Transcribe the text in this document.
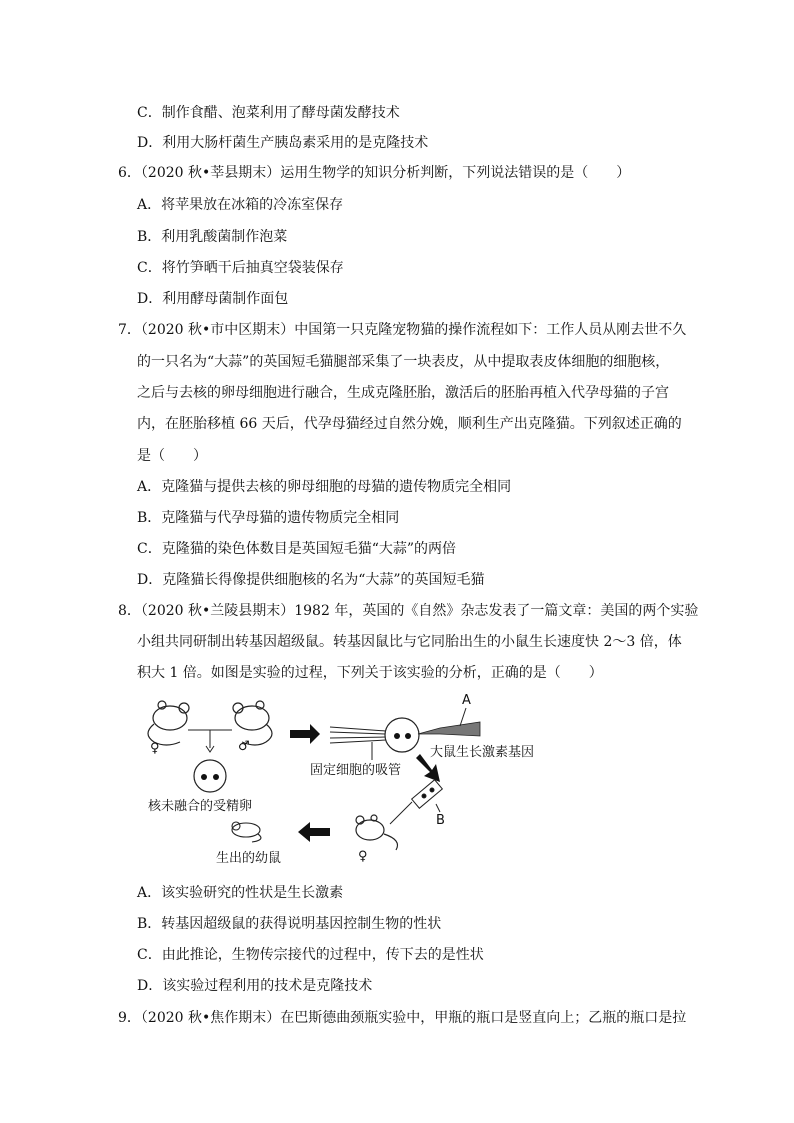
C．制作食醋、泡菜利用了酵母菌发酵技术
D．利用大肠杆菌生产胰岛素采用的是克隆技术
6．（2020 秋•莘县期末）运用生物学的知识分析判断，下列说法错误的是（　　）
A．将苹果放在冰箱的冷冻室保存
B．利用乳酸菌制作泡菜
C．将竹笋晒干后抽真空袋装保存
D．利用酵母菌制作面包
7．（2020 秋•市中区期末）中国第一只克隆宠物猫的操作流程如下：工作人员从刚去世不久
的一只名为“大蒜”的英国短毛猫腿部采集了一块表皮，从中提取表皮体细胞的细胞核，
之后与去核的卵母细胞进行融合，生成克隆胚胎，激活后的胚胎再植入代孕母猫的子宫
内，在胚胎移植 66 天后，代孕母猫经过自然分娩，顺利生产出克隆猫。下列叙述正确的
是（　　）
A．克隆猫与提供去核的卵母细胞的母猫的遗传物质完全相同
B．克隆猫与代孕母猫的遗传物质完全相同
C．克隆猫的染色体数目是英国短毛猫“大蒜”的两倍
D．克隆猫长得像提供细胞核的名为“大蒜”的英国短毛猫
8．（2020 秋•兰陵县期末）1982 年，英国的《自然》杂志发表了一篇文章：美国的两个实验
小组共同研制出转基因超级鼠。转基因鼠比与它同胎出生的小鼠生长速度快 2～3 倍，体
积大 1 倍。如图是实验的过程，下列关于该实验的分析，正确的是（　　）
♀	♂
核未融合的受精卵
A
大鼠生长激素基因
固定细胞的吸管
B
♀
生出的幼鼠
A．该实验研究的性状是生长激素
B．转基因超级鼠的获得说明基因控制生物的性状
C．由此推论，生物传宗接代的过程中，传下去的是性状
D．该实验过程利用的技术是克隆技术
9．（2020 秋•焦作期末）在巴斯德曲颈瓶实验中，甲瓶的瓶口是竖直向上；乙瓶的瓶口是拉
